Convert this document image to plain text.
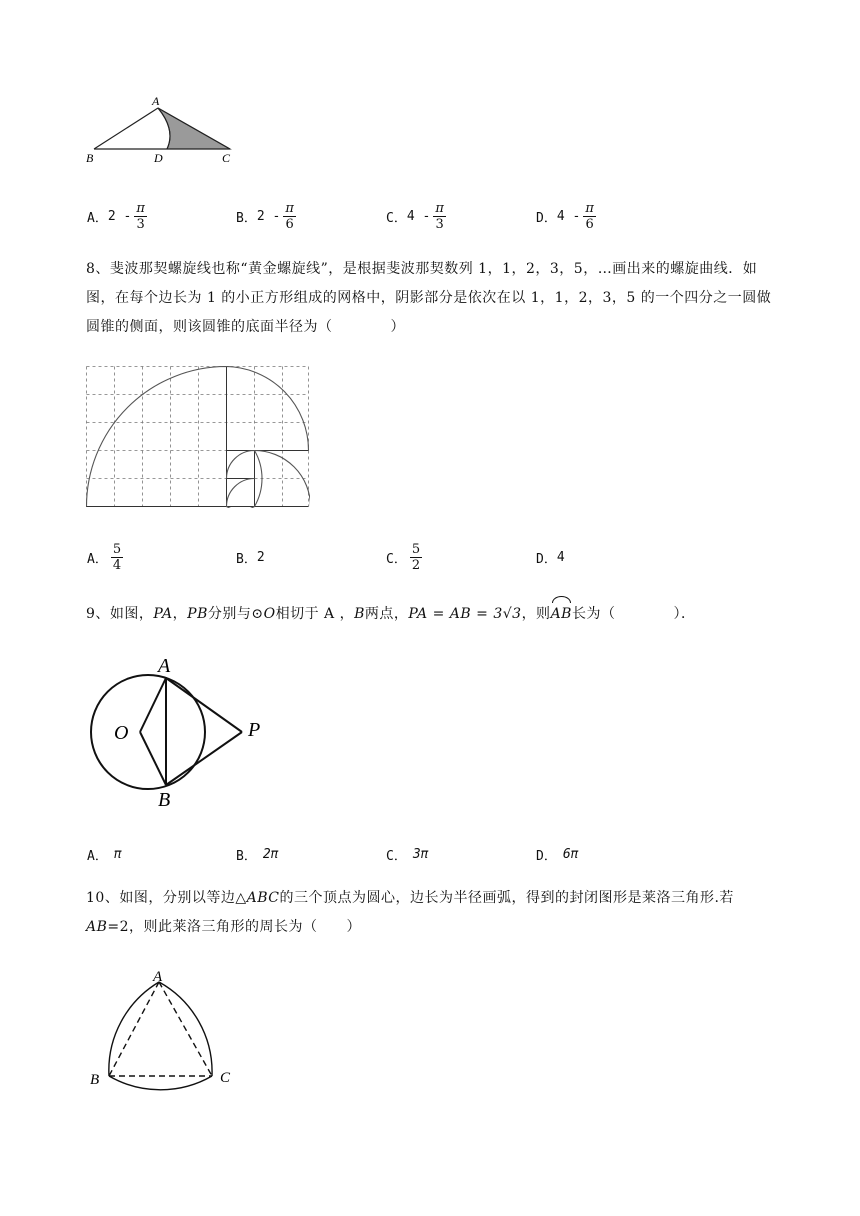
A
B	D	C
A． $2 - \frac{\pi}{3}$	B． $2 - \frac{\pi}{6}$	C． $4 - \frac{\pi}{3}$	D． $4 - \frac{\pi}{6}$
8、斐波那契螺旋线也称“黄金螺旋线”，是根据斐波那契数列 1，1，2，3，5，…画出来的螺旋曲线．如图，在每个边长为 1 的小正方形组成的网格中，阴影部分是依次在以 1，1，2，3，5 的一个四分之一圆做圆锥的侧面，则该圆锥的底面半径为（　　　　）
A． $\frac{5}{4}$	B． 2	C． $\frac{5}{2}$	D． 4
9、如图，PA，PB分别与⊙O相切于 A ，B两点，PA = AB = 3√3，则AB长为（　　　　）．
A
O	P
B
A． π	B． 2π	C． 3π	D． 6π
10、如图，分别以等边△ABC的三个顶点为圆心，边长为半径画弧，得到的封闭图形是莱洛三角形.若
AB=2，则此莱洛三角形的周长为（　　）
A
B	C
